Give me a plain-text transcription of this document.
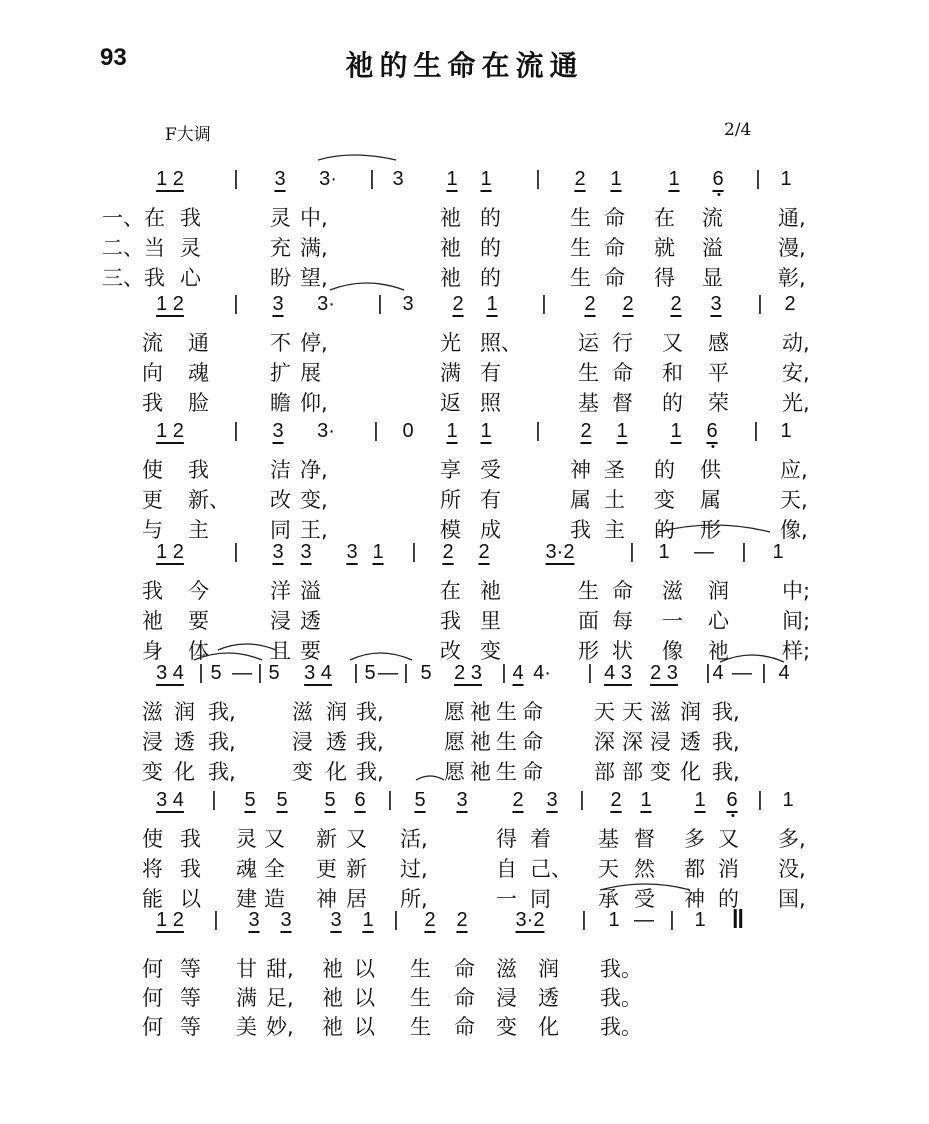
93	祂的生命在流通
F大调	2/4
1 2 | 3 3· | 3 1 1 | 2 1 1 6 | 1
一、在 我	灵 中,	祂 的	生 命 在 流	通,
二、当 灵	充 满,	祂 的	生 命 就 溢	漫,
三、我 心	盼 望,	祂 的	生 命 得 显	彰,
1 2 | 3 3· | 3 2 1 | 2 2 2 3 | 2
流 通	不 停,	光 照、	运 行 又 感	动,
向 魂	扩 展	满 有	生 命 和 平	安,
我 脸	瞻 仰,	返 照	基 督 的 荣	光,
1 2 | 3 3· | 0 1 1 | 2 1 1 6 | 1
使 我	洁 净,	享 受	神 圣 的 供	应,
更 新、 改 变,	所 有	属 土 变 属	天,
与 主	同 王,	模 成	我 主 的 形	像,
1 2 | 3 3 3 1 | 2 2	3·2	| 1 — | 1
我 今	洋 溢	在 祂	生 命 滋 润	中;
祂 要	浸 透	我 里	面 每 一 心	间;
身 体	且 要	改 变	形 状 像 祂	样;
3 4 | 5 — | 5 3 4 | 5 — | 5 2 3 | 4 4· | 4 3 2 3 | 4 — | 4
滋 润 我,	滋 润 我,	愿 祂 生 命 天 天 滋 润 我,
浸 透 我,	浸 透 我,	愿 祂 生 命 深 深 浸 透 我,
变 化 我,	变 化 我,	愿 祂 生 命 部 部 变 化 我,
3 4 | 5 5 5 6 | 5 3 2 3 | 2 1 1 6 | 1
使 我 灵 又 新 又 活,	得 着 基 督 多 又 多,
将 我 魂 全 更 新 过,	自 己、 天 然 都 消 没,
能 以 建 造 神 居 所,	一 同 承 受 神 的 国,
1 2 | 3 3 3 1 | 2 2 3·2 | 1 — | 1 ‖
何 等 甘 甜, 祂 以 生 命 滋 润 我。
何 等 满 足, 祂 以 生 命 浸 透 我。
何 等 美 妙, 祂 以 生 命 变 化 我。
